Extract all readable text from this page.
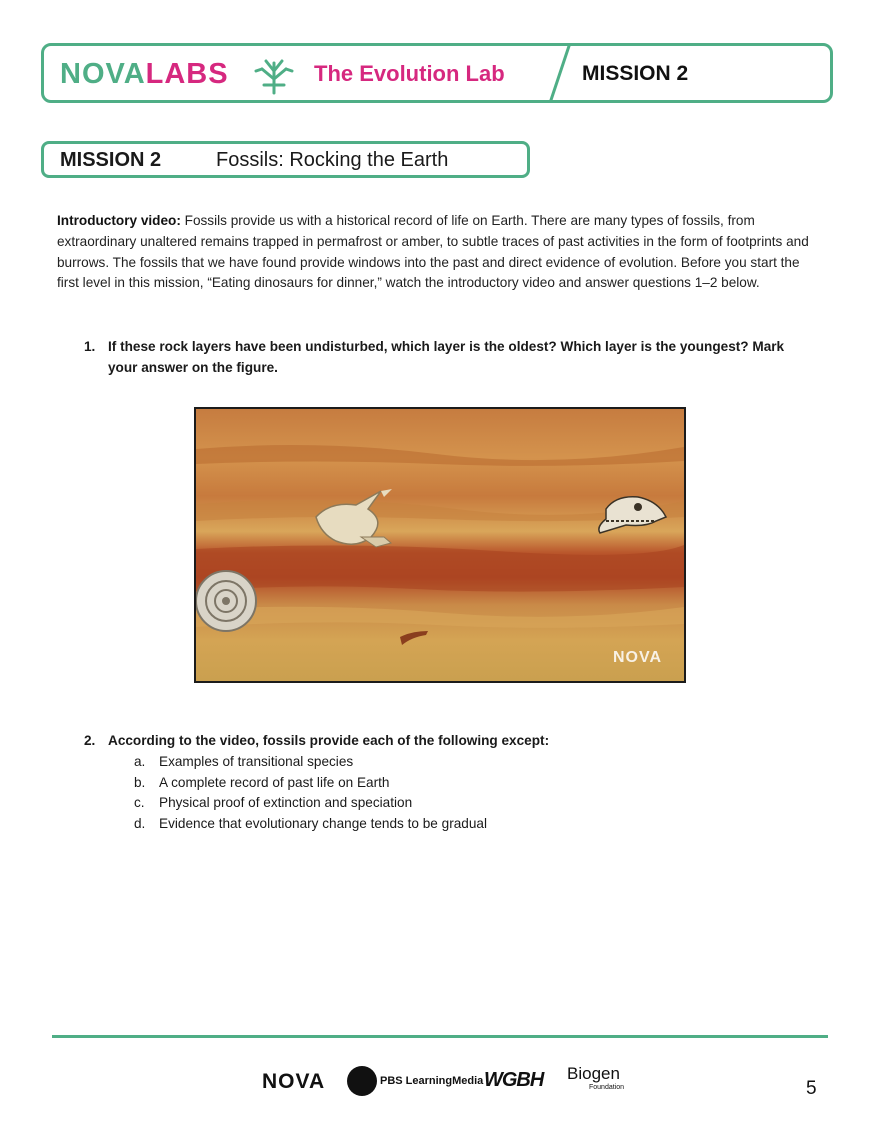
NOVALABS	The Evolution Lab	MISSION 2
MISSION 2	Fossils: Rocking the Earth
Introductory video: Fossils provide us with a historical record of life on Earth. There are many types of fossils, from extraordinary unaltered remains trapped in permafrost or amber, to subtle traces of past activities in the form of footprints and burrows. The fossils that we have found provide windows into the past and direct evidence of evolution. Before you start the first level in this mission, “Eating dinosaurs for dinner,” watch the introductory video and answer questions 1–2 below.
1. If these rock layers have been undisturbed, which layer is the oldest? Which layer is the youngest? Mark your answer on the figure.
NOVA
2. According to the video, fossils provide each of the following except:
a. Examples of transitional species
b. A complete record of past life on Earth
c. Physical proof of extinction and speciation
d. Evidence that evolutionary change tends to be gradual
NOVA	PBS LearningMedia WGBH Biogen
Foundation	5
